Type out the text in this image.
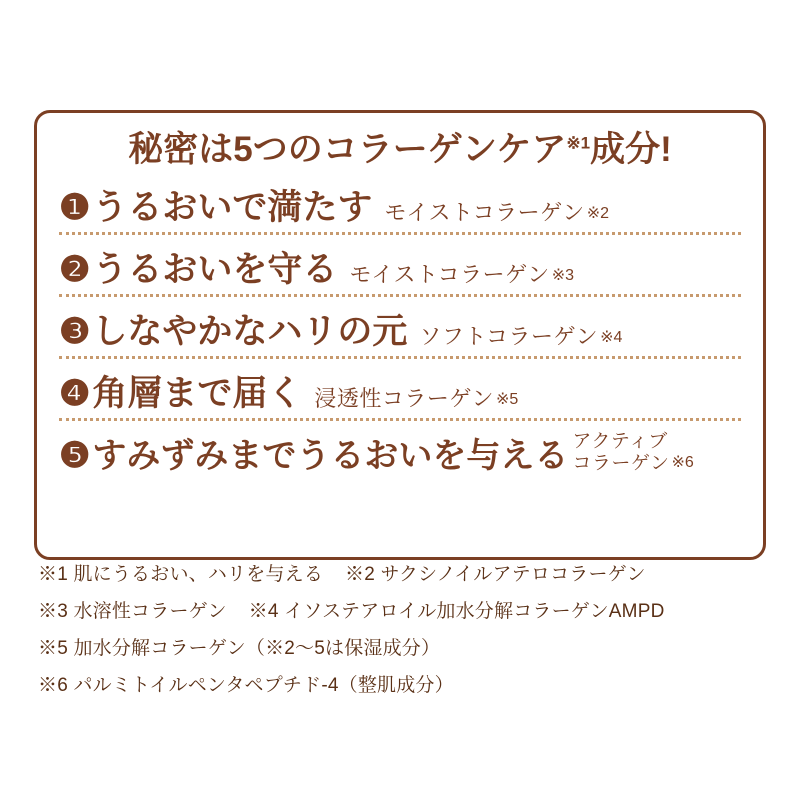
秘密は5つのコラーゲンケア$^{※1}$成分!
❶ うるおいで満たす モイストコラーゲン ※2
❷ うるおいを守る モイストコラーゲン ※3
❸ しなやかなハリの元 ソフトコラーゲン ※4
❹ 角層まで届く 浸透性コラーゲン ※5
❺ すみずみまでうるおいを与える アクティブ
コラーゲン ※6
※1 肌にうるおい、ハリを与える ※2 サクシノイルアテロコラーゲン
※3 水溶性コラーゲン ※4 イソステアロイル加水分解コラーゲンAMPD
※5 加水分解コラーゲン（※2〜5は保湿成分）
※6 パルミトイルペンタペプチド-4（整肌成分）
